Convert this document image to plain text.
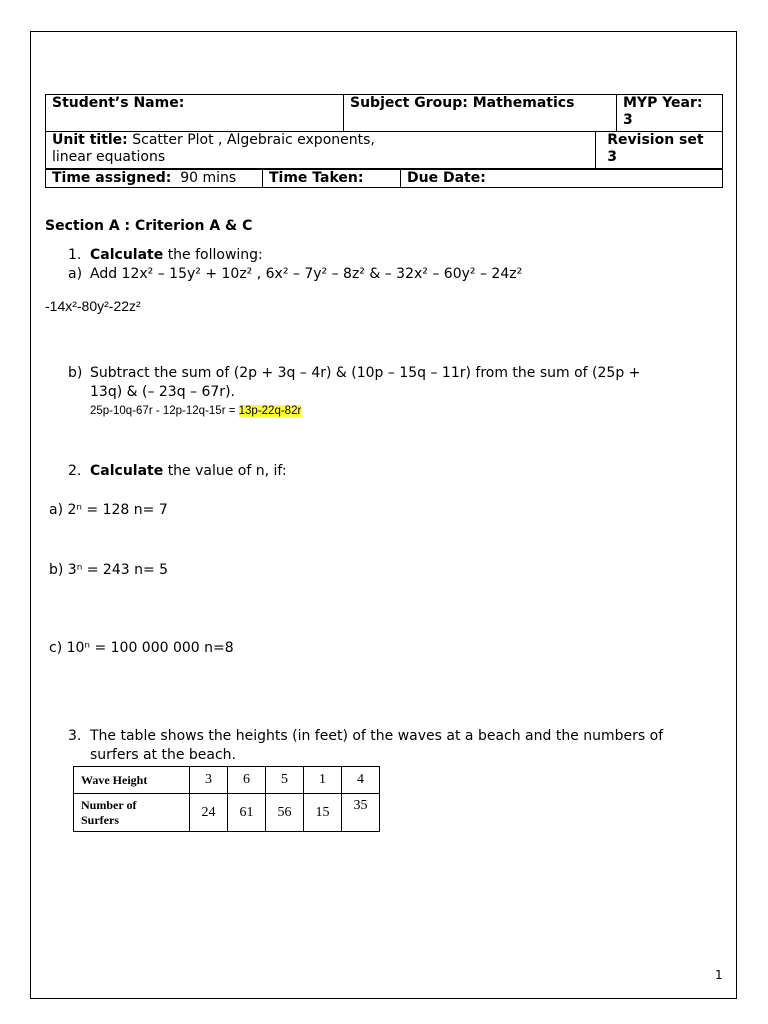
Student’s Name:	Subject Group: Mathematics		MYP Year:
3
Unit title: Scatter Plot , Algebraic exponents,
linear equations		Revision set 3	
Time assigned: 90 mins	Time Taken:	Due Date:
Section A : Criterion A & C
1. Calculate the following:
a) Add 12x² – 15y² + 10z² , 6x² – 7y² – 8z² & – 32x² – 60y² – 24z²
-14x²-80y²-22z²
b) Subtract the sum of (2p + 3q – 4r) & (10p – 15q – 11r) from the sum of (25p +
13q) & (– 23q – 67r).
25p-10q-67r - 12p-12q-15r = 13p-22q-82r
2. Calculate the value of n, if:
a) 2ⁿ = 128 n= 7
b) 3ⁿ = 243 n= 5
c) 10ⁿ = 100 000 000 n=8
3. The table shows the heights (in feet) of the waves at a beach and the numbers of
surfers at the beach.
Wave Height	3	6	5	1	4
Number of
Surfers	24	61	56	15	35
1
